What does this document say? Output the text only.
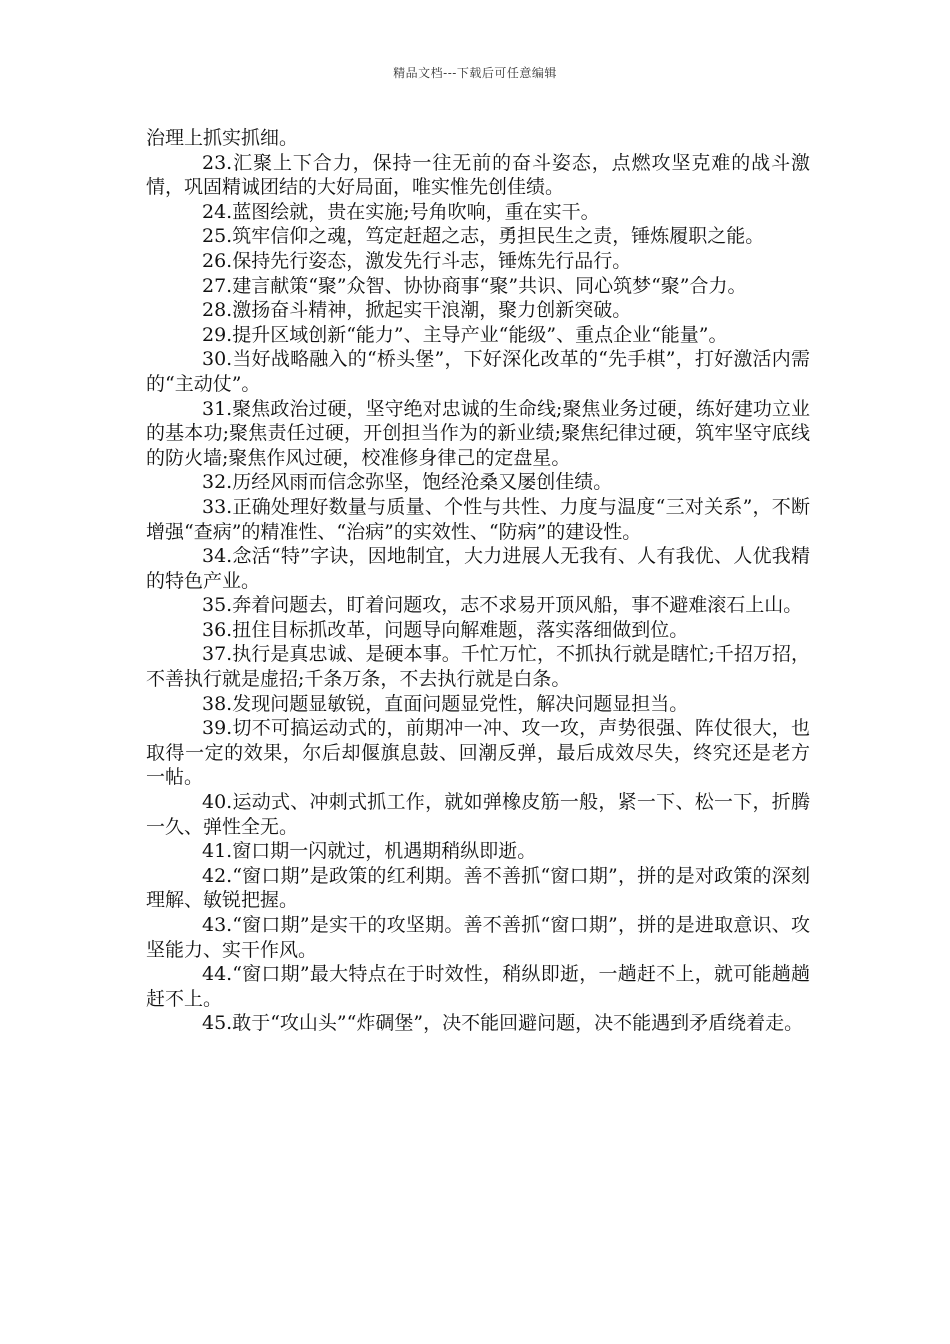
精品文档---下载后可任意编辑

治理上抓实抓细。

23.汇聚上下合力，保持一往无前的奋斗姿态，点燃攻坚克难的战斗激情，巩固精诚团结的大好局面，唯实惟先创佳绩。

24.蓝图绘就，贵在实施;号角吹响，重在实干。

25.筑牢信仰之魂，笃定赶超之志，勇担民生之责，锤炼履职之能。

26.保持先行姿态，激发先行斗志，锤炼先行品行。

27.建言献策“聚”众智、协协商事“聚”共识、同心筑梦“聚”合力。

28.激扬奋斗精神，掀起实干浪潮，聚力创新突破。

29.提升区域创新“能力”、主导产业“能级”、重点企业“能量”。

30.当好战略融入的“桥头堡”，下好深化改革的“先手棋”，打好激活内需的“主动仗”。

31.聚焦政治过硬，坚守绝对忠诚的生命线;聚焦业务过硬，练好建功立业的基本功;聚焦责任过硬，开创担当作为的新业绩;聚焦纪律过硬，筑牢坚守底线的防火墙;聚焦作风过硬，校准修身律己的定盘星。

32.历经风雨而信念弥坚，饱经沧桑又屡创佳绩。

33.正确处理好数量与质量、个性与共性、力度与温度“三对关系”，不断增强“查病”的精准性、“治病”的实效性、“防病”的建设性。

34.念活“特”字诀，因地制宜，大力进展人无我有、人有我优、人优我精的特色产业。

35.奔着问题去，盯着问题攻，志不求易开顶风船，事不避难滚石上山。

36.扭住目标抓改革，问题导向解难题，落实落细做到位。

37.执行是真忠诚、是硬本事。千忙万忙，不抓执行就是瞎忙;千招万招，不善执行就是虚招;千条万条，不去执行就是白条。

38.发现问题显敏锐，直面问题显党性，解决问题显担当。

39.切不可搞运动式的，前期冲一冲、攻一攻，声势很强、阵仗很大，也取得一定的效果，尔后却偃旗息鼓、回潮反弹，最后成效尽失，终究还是老方一帖。

40.运动式、冲刺式抓工作，就如弹橡皮筋一般，紧一下、松一下，折腾一久、弹性全无。

41.窗口期一闪就过，机遇期稍纵即逝。

42.“窗口期”是政策的红利期。善不善抓“窗口期”，拼的是对政策的深刻理解、敏锐把握。

43.“窗口期”是实干的攻坚期。善不善抓“窗口期”，拼的是进取意识、攻坚能力、实干作风。

44.“窗口期”最大特点在于时效性，稍纵即逝，一趟赶不上，就可能趟趟赶不上。

45.敢于“攻山头”“炸碉堡”，决不能回避问题，决不能遇到矛盾绕着走。
